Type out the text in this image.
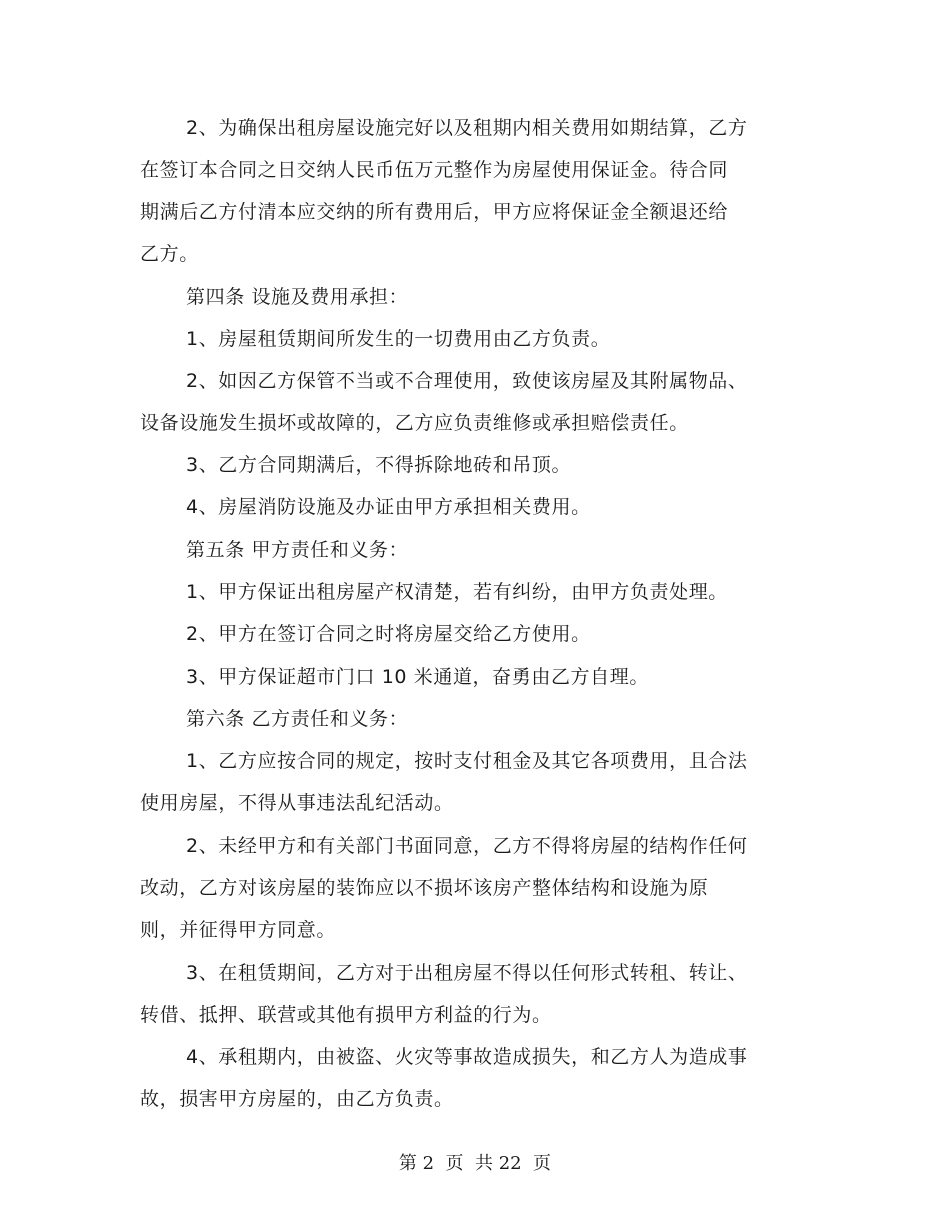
2、为确保出租房屋设施完好以及租期内相关费用如期结算，乙方
在签订本合同之日交纳人民币伍万元整作为房屋使用保证金。待合同
期满后乙方付清本应交纳的所有费用后，甲方应将保证金全额退还给
乙方。
第四条 设施及费用承担：
1、房屋租赁期间所发生的一切费用由乙方负责。
2、如因乙方保管不当或不合理使用，致使该房屋及其附属物品、
设备设施发生损坏或故障的，乙方应负责维修或承担赔偿责任。
3、乙方合同期满后，不得拆除地砖和吊顶。
4、房屋消防设施及办证由甲方承担相关费用。
第五条 甲方责任和义务：
1、甲方保证出租房屋产权清楚，若有纠纷，由甲方负责处理。
2、甲方在签订合同之时将房屋交给乙方使用。
3、甲方保证超市门口 10 米通道，奋勇由乙方自理。
第六条 乙方责任和义务：
1、乙方应按合同的规定，按时支付租金及其它各项费用，且合法
使用房屋，不得从事违法乱纪活动。
2、未经甲方和有关部门书面同意，乙方不得将房屋的结构作任何
改动，乙方对该房屋的装饰应以不损坏该房产整体结构和设施为原
则，并征得甲方同意。
3、在租赁期间，乙方对于出租房屋不得以任何形式转租、转让、
转借、抵押、联营或其他有损甲方利益的行为。
4、承租期内，由被盗、火灾等事故造成损失，和乙方人为造成事
故，损害甲方房屋的，由乙方负责。
第 2  页  共 22  页
